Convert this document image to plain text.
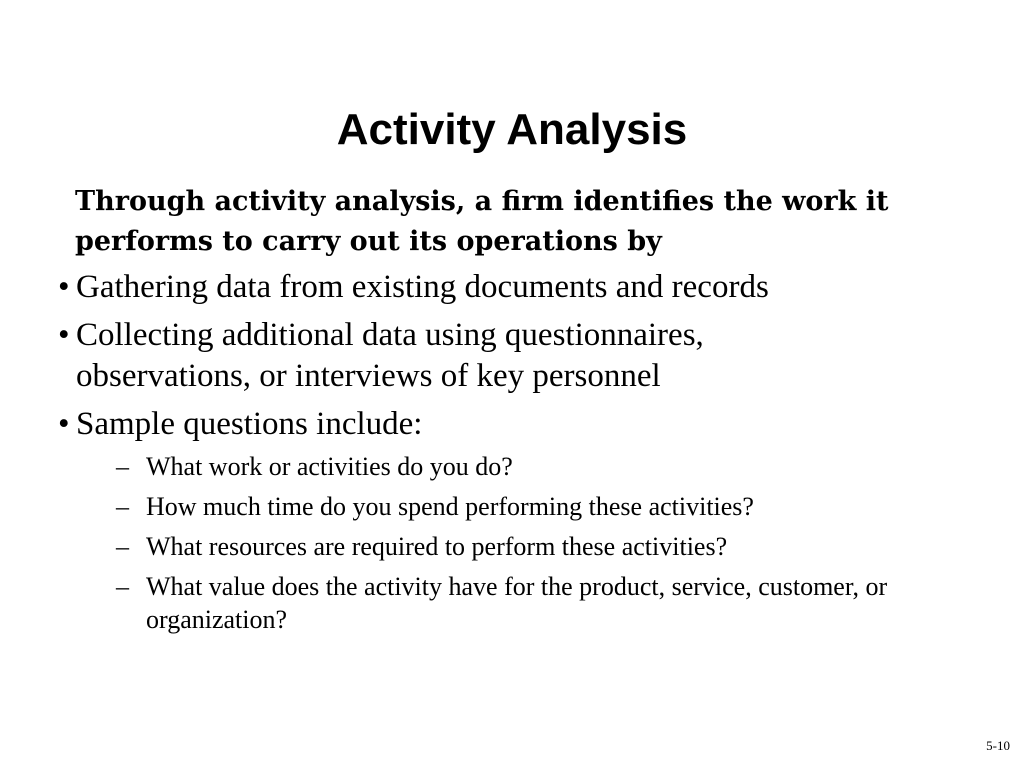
Activity Analysis
Through activity analysis, a firm identifies the work it performs to carry out its operations by
• Gathering data from existing documents and records
• Collecting additional data using questionnaires, observations, or interviews of key personnel
• Sample questions include:
– What work or activities do you do?
– How much time do you spend performing these activities?
– What resources are required to perform these activities?
– What value does the activity have for the product, service, customer, or organization?
5-10
